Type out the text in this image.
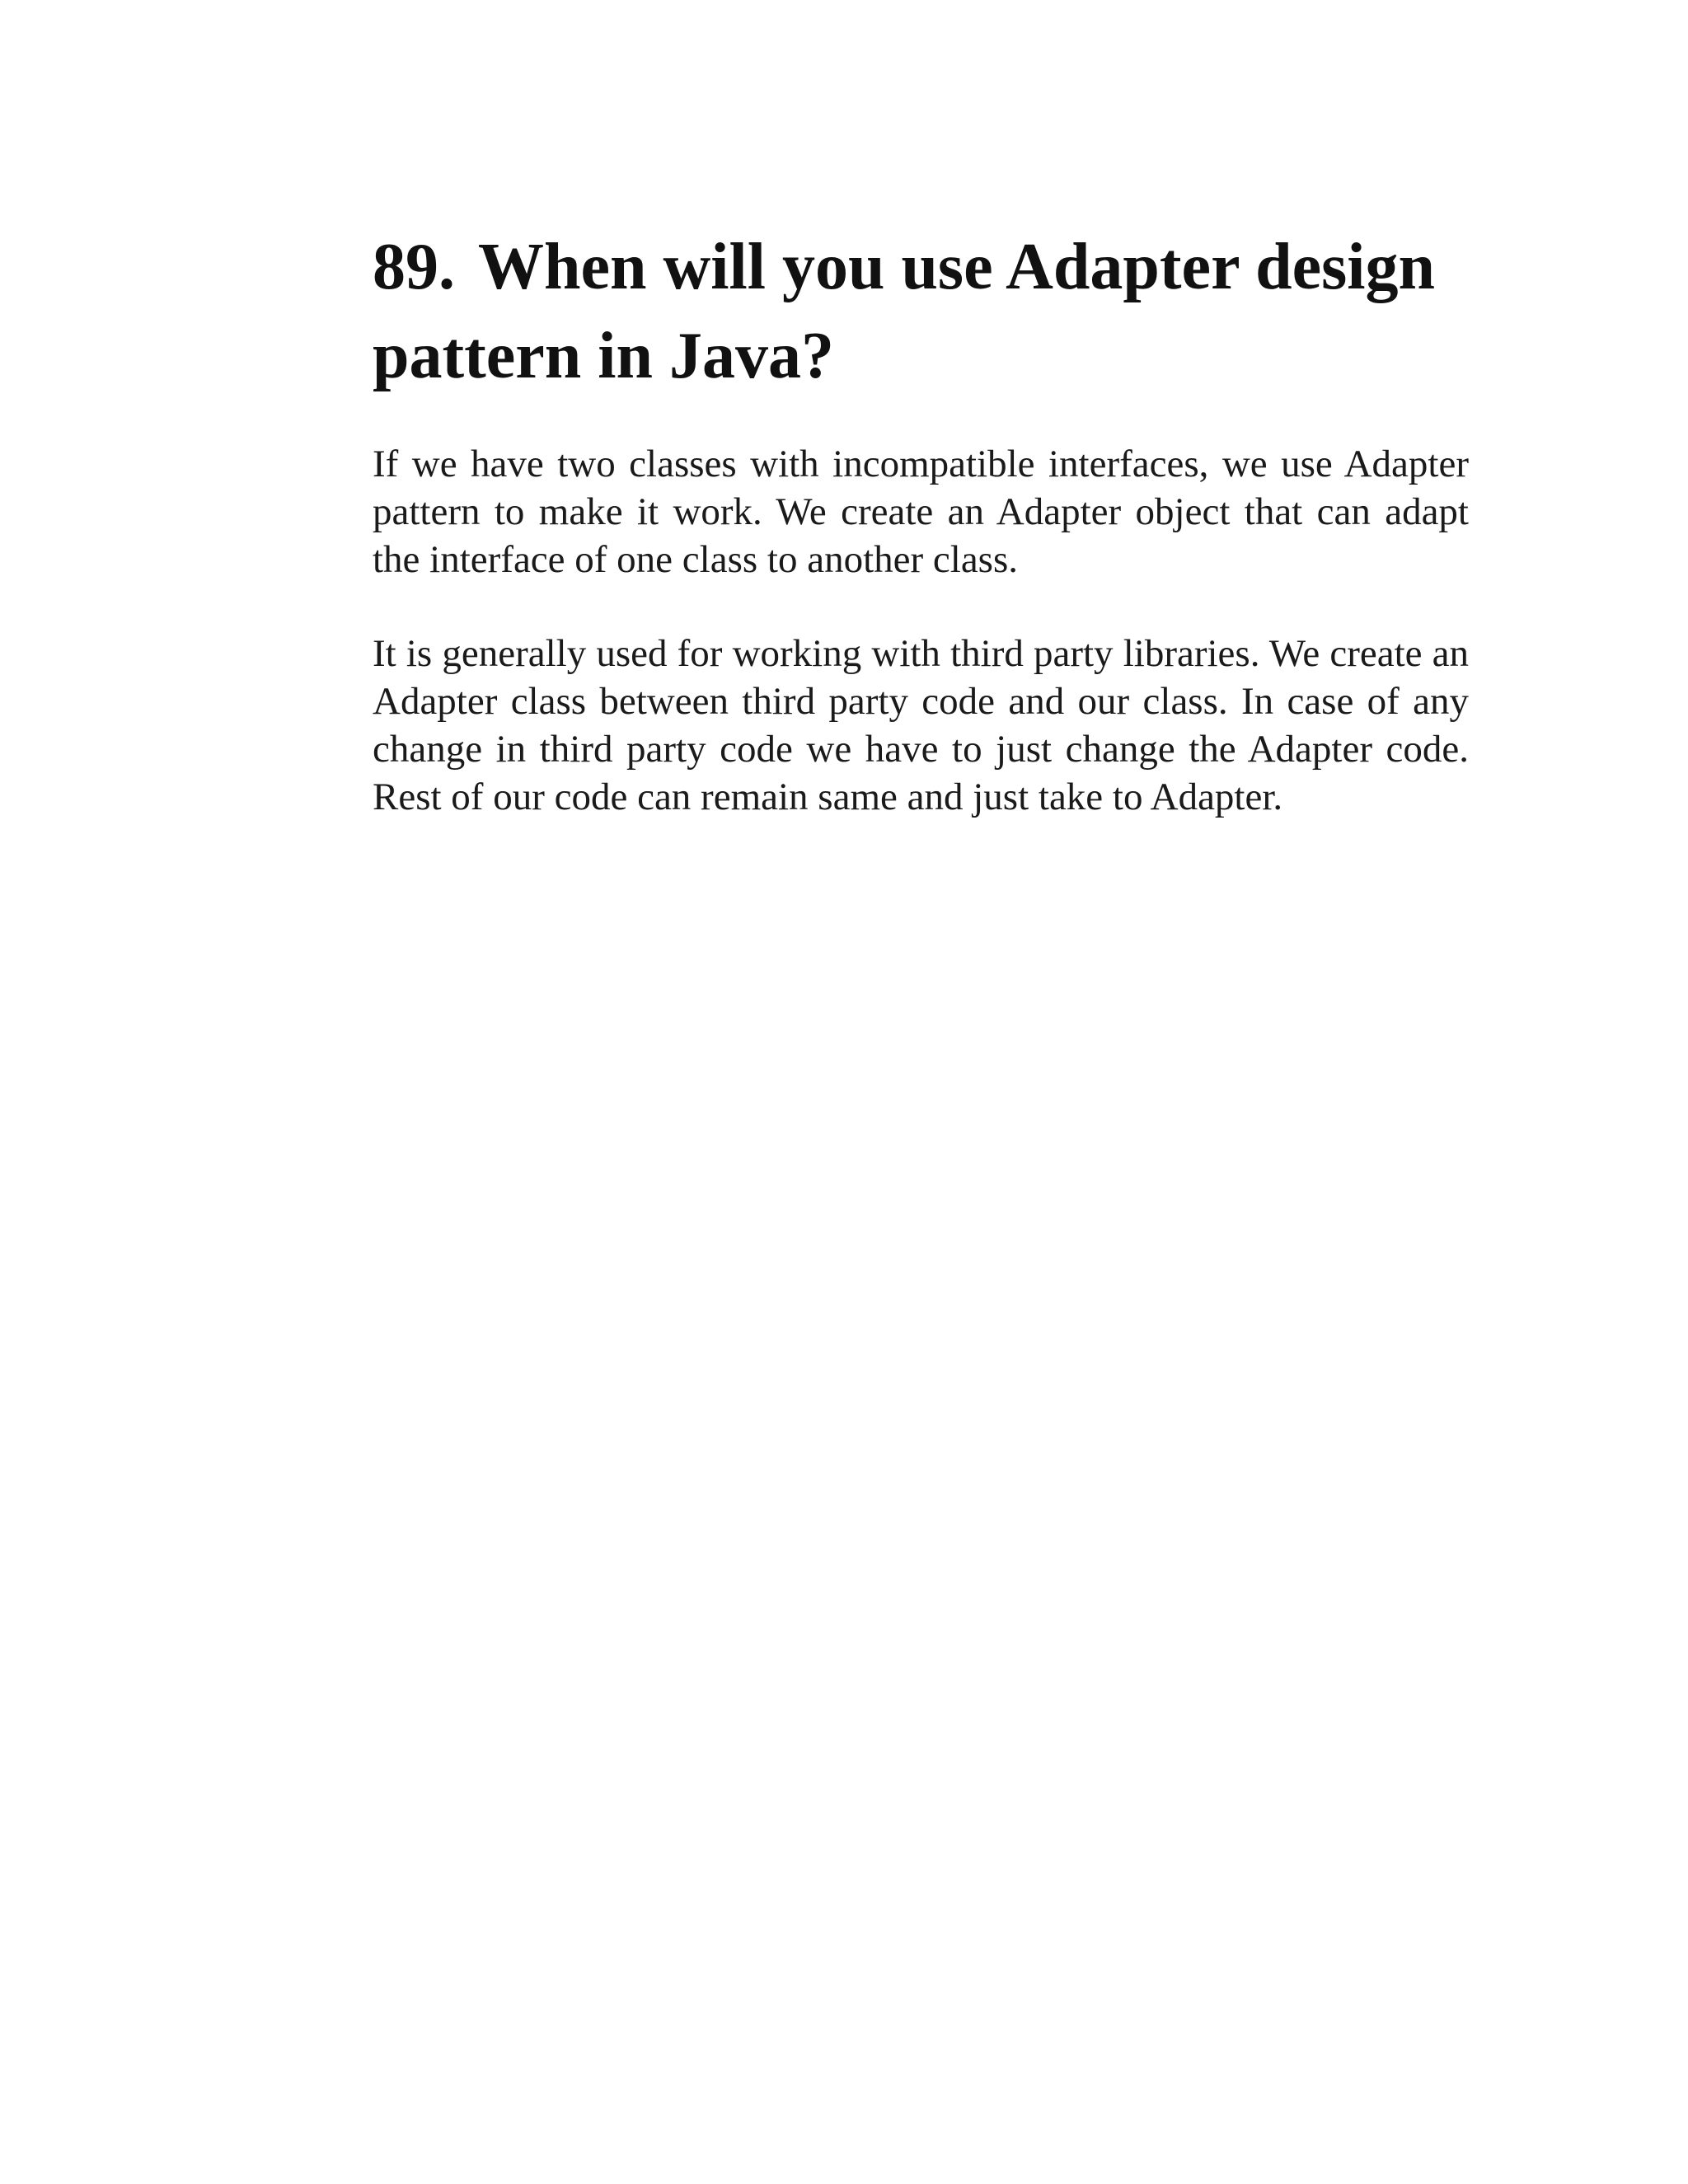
89. When will you use Adapter design pattern in Java?

If we have two classes with incompatible interfaces, we use Adapter pattern to make it work. We create an Adapter object that can adapt the interface of one class to another class.

It is generally used for working with third party libraries. We create an Adapter class between third party code and our class. In case of any change in third party code we have to just change the Adapter code. Rest of our code can remain same and just take to Adapter.
